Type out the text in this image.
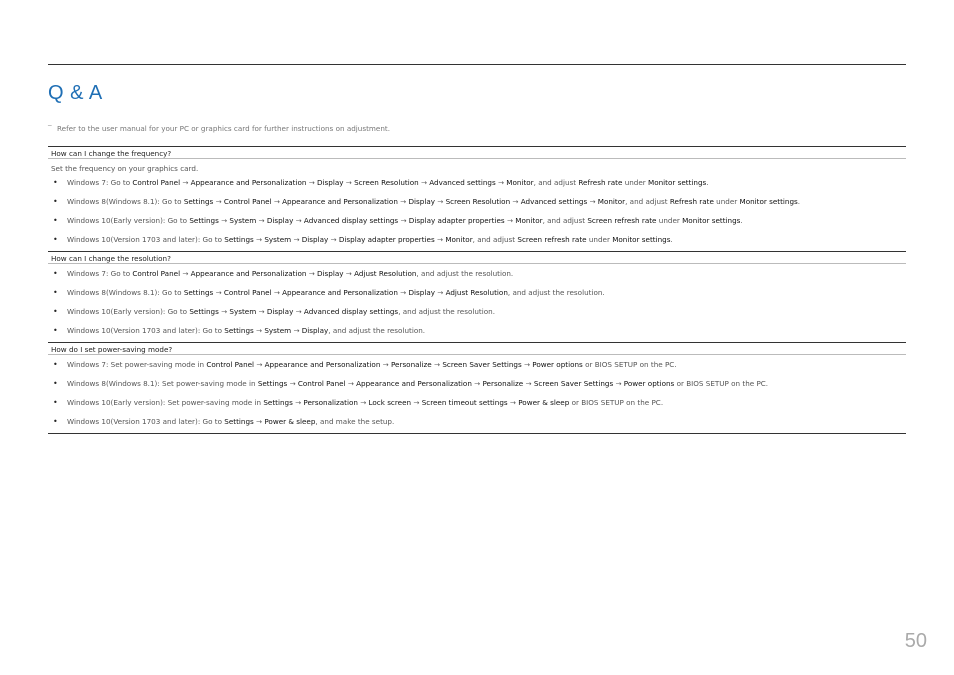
Q & A
‾ Refer to the user manual for your PC or graphics card for further instructions on adjustment.
How can I change the frequency?
Set the frequency on your graphics card.
• Windows 7: Go to Control Panel → Appearance and Personalization → Display → Screen Resolution → Advanced settings → Monitor, and adjust Refresh rate under Monitor settings.
• Windows 8(Windows 8.1): Go to Settings → Control Panel → Appearance and Personalization → Display → Screen Resolution → Advanced settings → Monitor, and adjust Refresh rate under Monitor settings.
• Windows 10(Early version): Go to Settings → System → Display → Advanced display settings → Display adapter properties → Monitor, and adjust Screen refresh rate under Monitor settings.
• Windows 10(Version 1703 and later): Go to Settings → System → Display → Display adapter properties → Monitor, and adjust Screen refresh rate under Monitor settings.
How can I change the resolution?
• Windows 7: Go to Control Panel → Appearance and Personalization → Display → Adjust Resolution, and adjust the resolution.
• Windows 8(Windows 8.1): Go to Settings → Control Panel → Appearance and Personalization → Display → Adjust Resolution, and adjust the resolution.
• Windows 10(Early version): Go to Settings → System → Display → Advanced display settings, and adjust the resolution.
• Windows 10(Version 1703 and later): Go to Settings → System → Display, and adjust the resolution.
How do I set power-saving mode?
• Windows 7: Set power-saving mode in Control Panel → Appearance and Personalization → Personalize → Screen Saver Settings → Power options or BIOS SETUP on the PC.
• Windows 8(Windows 8.1): Set power-saving mode in Settings → Control Panel → Appearance and Personalization → Personalize → Screen Saver Settings → Power options or BIOS SETUP on the PC.
• Windows 10(Early version): Set power-saving mode in Settings → Personalization → Lock screen → Screen timeout settings → Power & sleep or BIOS SETUP on the PC.
• Windows 10(Version 1703 and later): Go to Settings → Power & sleep, and make the setup.
50
